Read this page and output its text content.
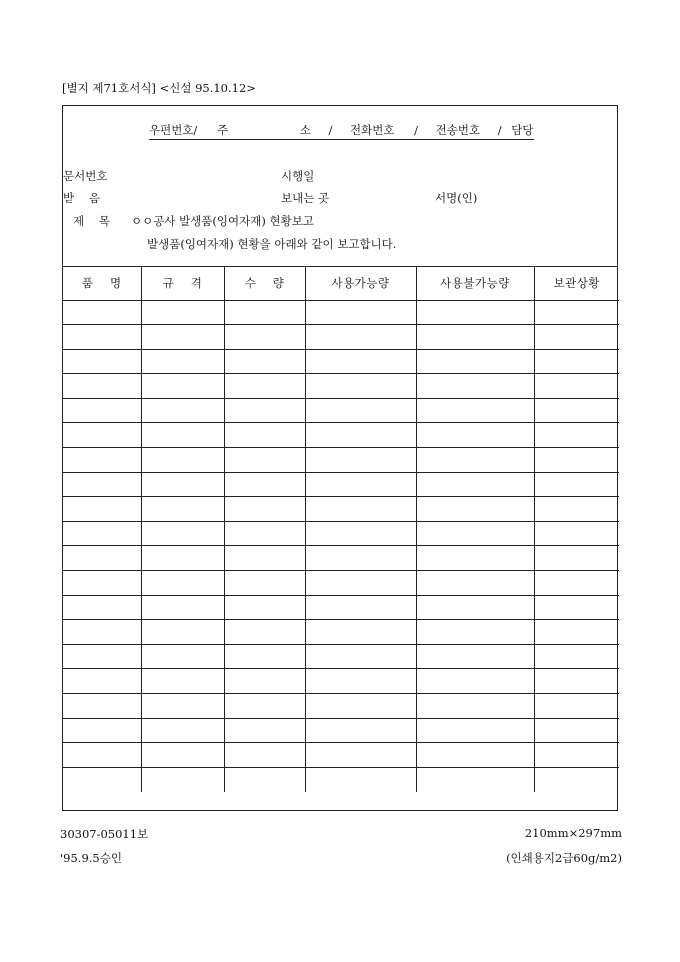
[별지 제71호서식] <신설 95.10.12>
우편번호/ 주	소 / 전화번호 / 전송번호 / 담당
문서번호	시행일
받    음	보내는 곳	서명(인)
제    목 ㅇㅇ공사 발생품(잉여자재) 현황보고
발생품(잉여자재) 현황을 아래와 같이 보고합니다.
품    명	규    격	수    량	사용가능량	사용불가능량	보관상황

30307-05011보
'95.9.5승인
210mm×297mm
(인쇄용지2급60g/m2)
